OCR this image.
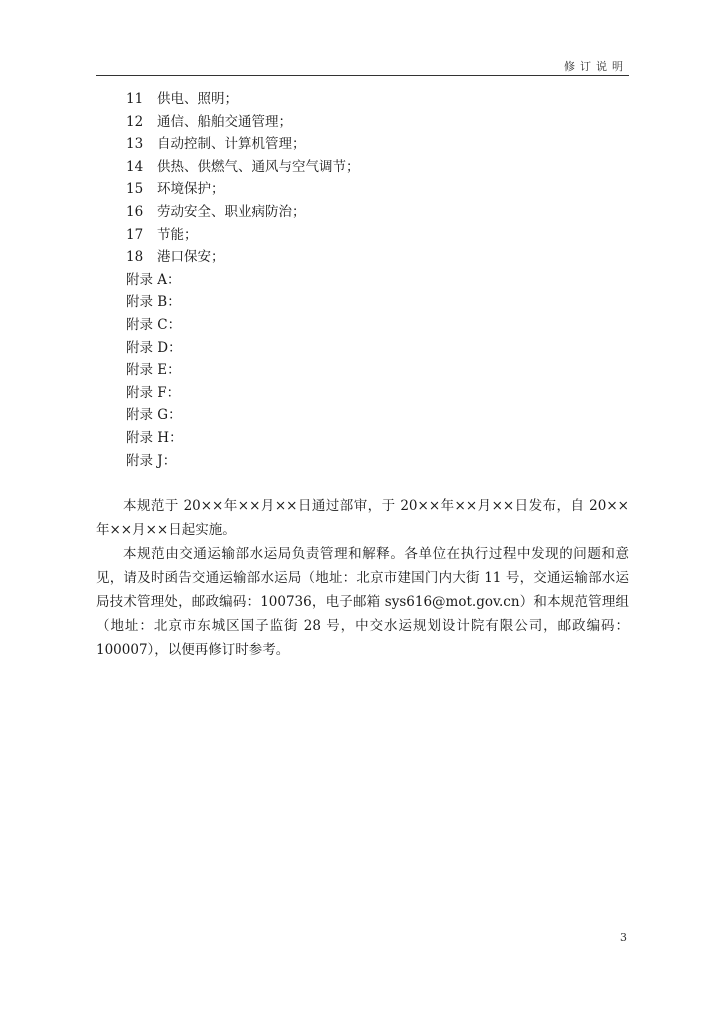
修订说明
11 供电、照明；
12 通信、船舶交通管理；
13 自动控制、计算机管理；
14 供热、供燃气、通风与空气调节；
15 环境保护；
16 劳动安全、职业病防治；
17 节能；
18 港口保安；
附录 A：
附录 B：
附录 C：
附录 D：
附录 E：
附录 F：
附录 G：
附录 H：
附录 J：

本规范于 20××年××月××日通过部审，于 20××年××月××日发布，自 20××年××月××日起实施。

本规范由交通运输部水运局负责管理和解释。各单位在执行过程中发现的问题和意见，请及时函告交通运输部水运局（地址：北京市建国门内大街 11 号，交通运输部水运局技术管理处，邮政编码：100736，电子邮箱 sys616@mot.gov.cn）和本规范管理组（地址：北京市东城区国子监街 28 号，中交水运规划设计院有限公司，邮政编码：100007），以便再修订时参考。

3
